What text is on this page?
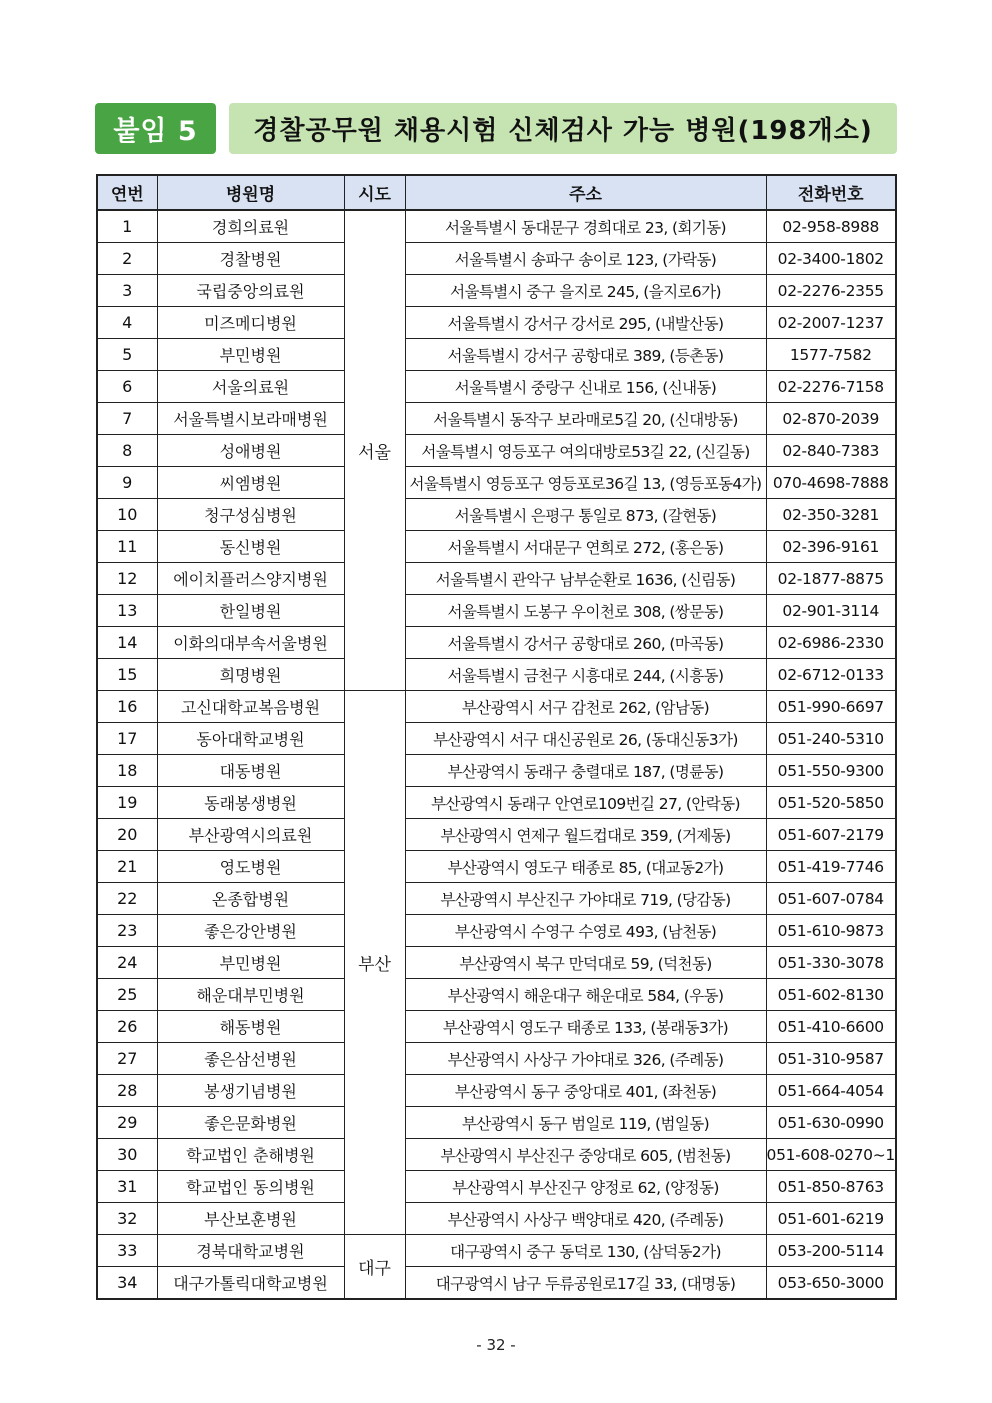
붙임 5	경찰공무원 채용시험 신체검사 가능 병원(198개소)
연번	병원명	시도	주소	전화번호
1	경희의료원	서울	서울특별시 동대문구 경희대로 23, (회기동)	02-958-8988
2	경찰병원		서울특별시 송파구 송이로 123, (가락동)	02-3400-1802
3	국립중앙의료원		서울특별시 중구 을지로 245, (을지로6가)	02-2276-2355
4	미즈메디병원		서울특별시 강서구 강서로 295, (내발산동)	02-2007-1237
5	부민병원		서울특별시 강서구 공항대로 389, (등촌동)	1577-7582
6	서울의료원		서울특별시 중랑구 신내로 156, (신내동)	02-2276-7158
7	서울특별시보라매병원		서울특별시 동작구 보라매로5길 20, (신대방동)	02-870-2039
8	성애병원		서울특별시 영등포구 여의대방로53길 22, (신길동)	02-840-7383
9	씨엠병원		서울특별시 영등포구 영등포로36길 13, (영등포동4가)	070-4698-7888
10	청구성심병원		서울특별시 은평구 통일로 873, (갈현동)	02-350-3281
11	동신병원		서울특별시 서대문구 연희로 272, (홍은동)	02-396-9161
12	에이치플러스양지병원		서울특별시 관악구 남부순환로 1636, (신림동)	02-1877-8875
13	한일병원		서울특별시 도봉구 우이천로 308, (쌍문동)	02-901-3114
14	이화의대부속서울병원		서울특별시 강서구 공항대로 260, (마곡동)	02-6986-2330
15	희명병원		서울특별시 금천구 시흥대로 244, (시흥동)	02-6712-0133
16	고신대학교복음병원	부산	부산광역시 서구 감천로 262, (암남동)	051-990-6697
17	동아대학교병원		부산광역시 서구 대신공원로 26, (동대신동3가)	051-240-5310
18	대동병원		부산광역시 동래구 충렬대로 187, (명륜동)	051-550-9300
19	동래봉생병원		부산광역시 동래구 안연로109번길 27, (안락동)	051-520-5850
20	부산광역시의료원		부산광역시 연제구 월드컵대로 359, (거제동)	051-607-2179
21	영도병원		부산광역시 영도구 태종로 85, (대교동2가)	051-419-7746
22	온종합병원		부산광역시 부산진구 가야대로 719, (당감동)	051-607-0784
23	좋은강안병원		부산광역시 수영구 수영로 493, (남천동)	051-610-9873
24	부민병원		부산광역시 북구 만덕대로 59, (덕천동)	051-330-3078
25	해운대부민병원		부산광역시 해운대구 해운대로 584, (우동)	051-602-8130
26	해동병원		부산광역시 영도구 태종로 133, (봉래동3가)	051-410-6600
27	좋은삼선병원		부산광역시 사상구 가야대로 326, (주례동)	051-310-9587
28	봉생기념병원		부산광역시 동구 중앙대로 401, (좌천동)	051-664-4054
29	좋은문화병원		부산광역시 동구 범일로 119, (범일동)	051-630-0990
30	학교법인 춘해병원		부산광역시 부산진구 중앙대로 605, (범천동)	051-608-0270~1
31	학교법인 동의병원		부산광역시 부산진구 양정로 62, (양정동)	051-850-8763
32	부산보훈병원		부산광역시 사상구 백양대로 420, (주례동)	051-601-6219
33	경북대학교병원	대구	대구광역시 중구 동덕로 130, (삼덕동2가)	053-200-5114
34	대구가톨릭대학교병원		대구광역시 남구 두류공원로17길 33, (대명동)	053-650-3000
- 32 -
